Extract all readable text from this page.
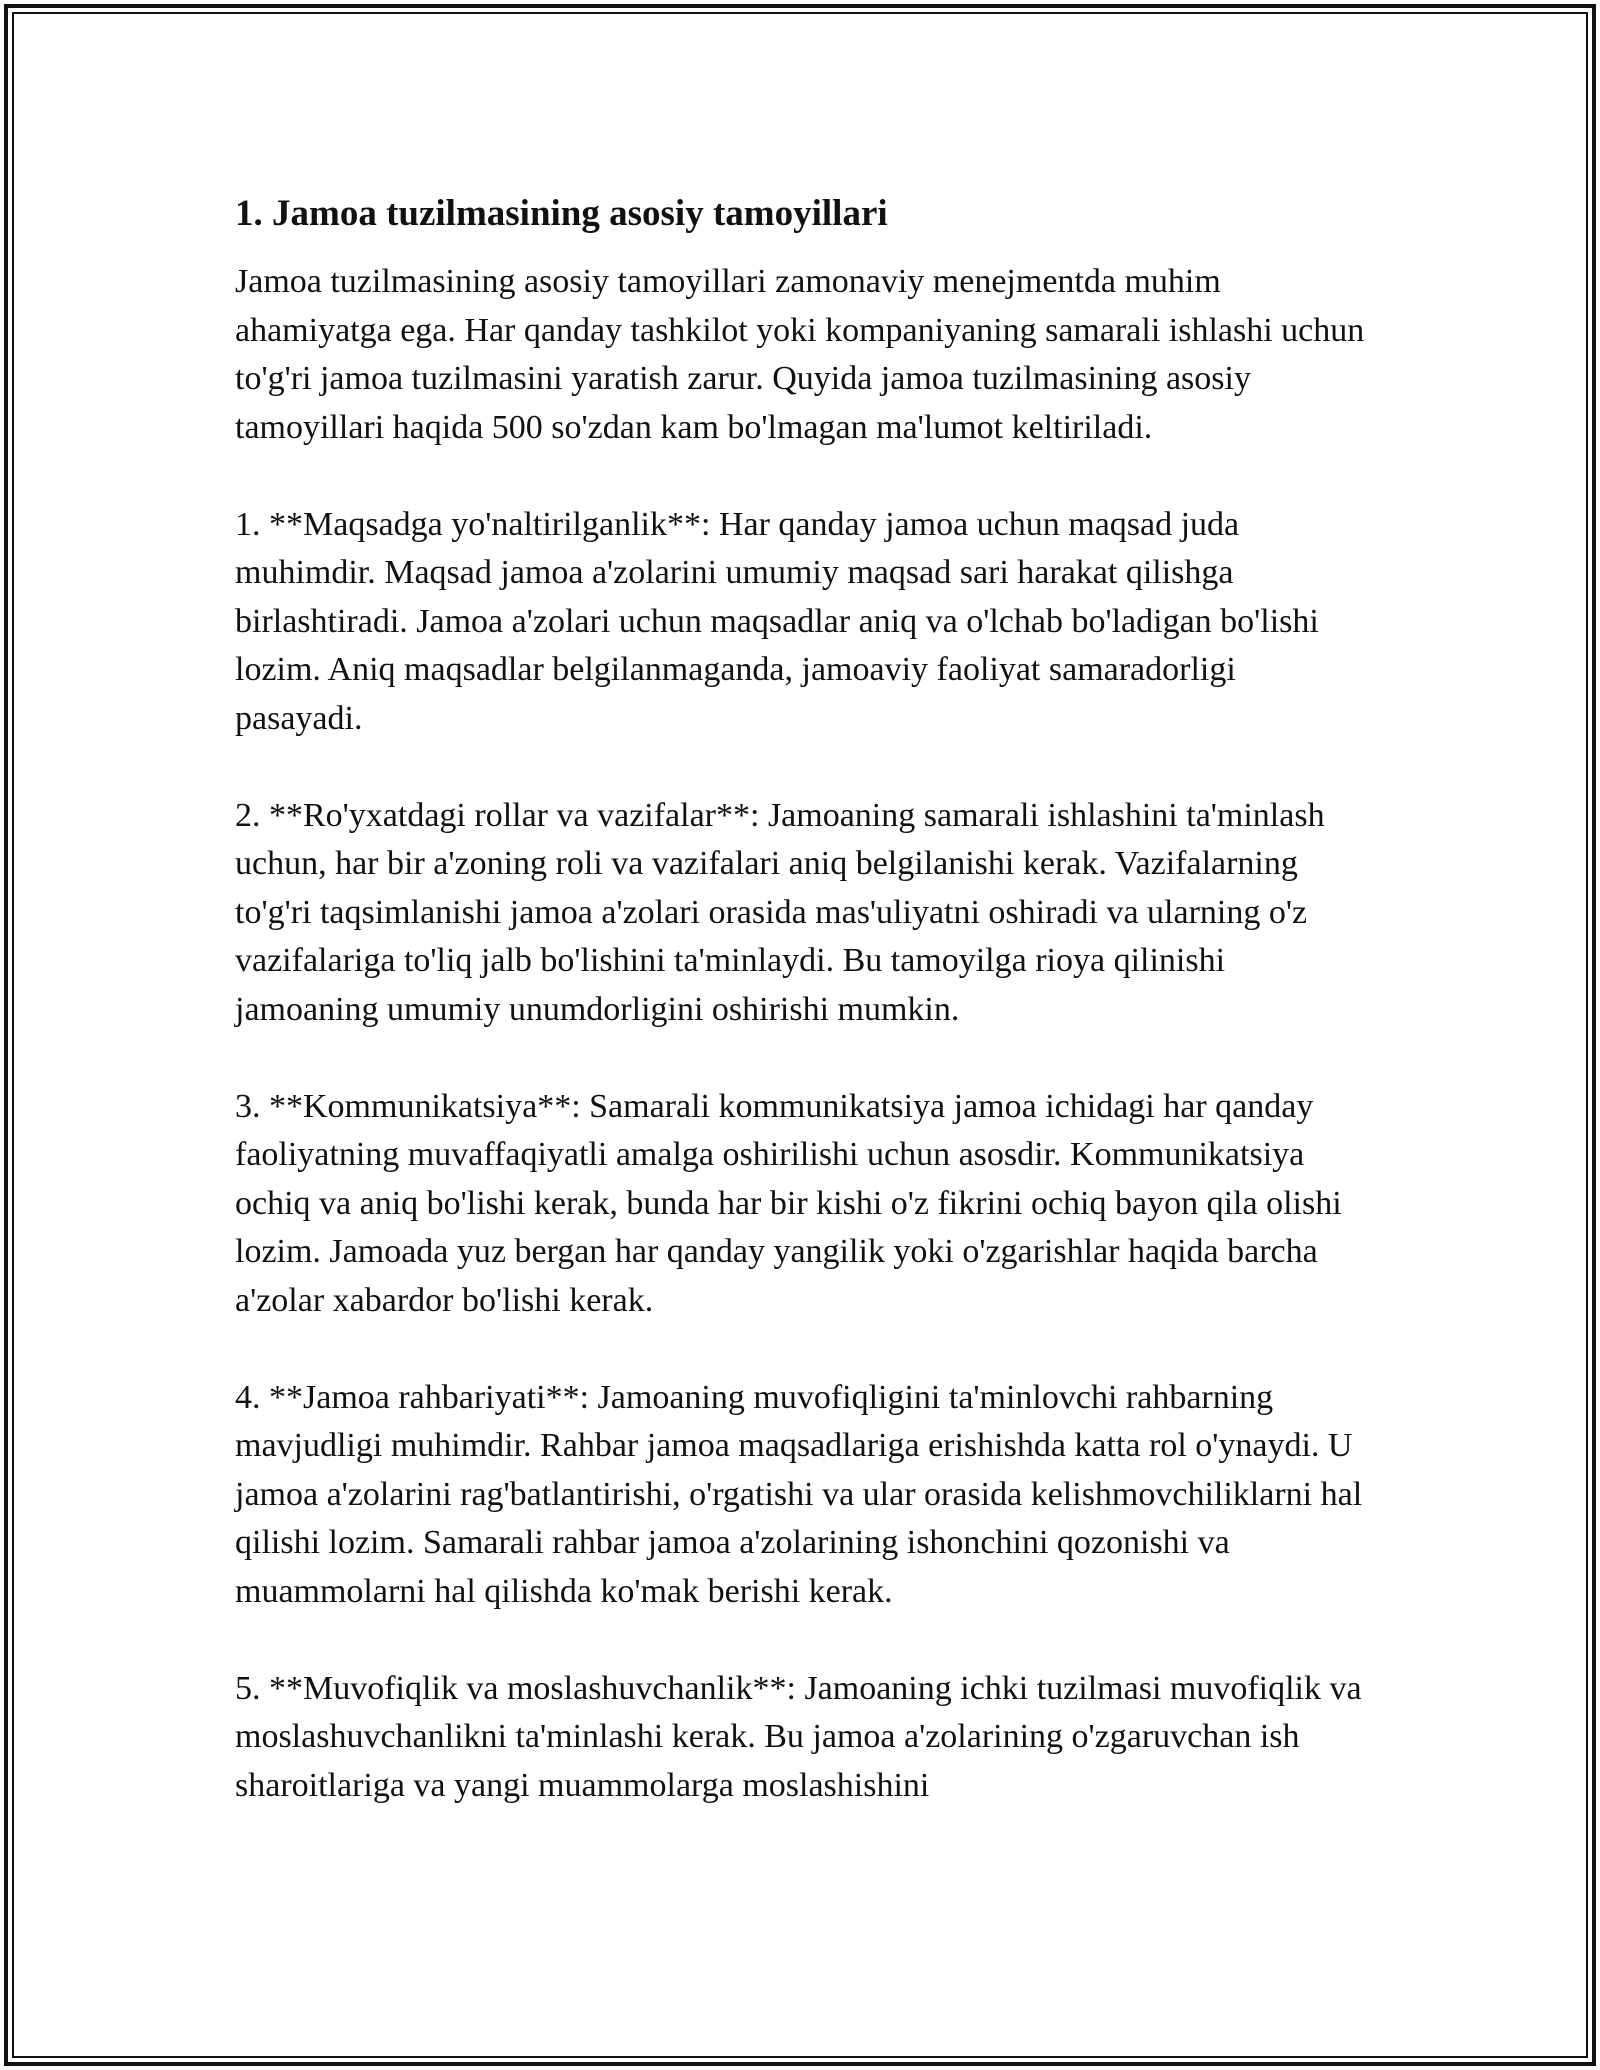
1. Jamoa tuzilmasining asosiy tamoyillari

Jamoa tuzilmasining asosiy tamoyillari zamonaviy menejmentda muhim ahamiyatga ega. Har qanday tashkilot yoki kompaniyaning samarali ishlashi uchun to'g'ri jamoa tuzilmasini yaratish zarur. Quyida jamoa tuzilmasining asosiy tamoyillari haqida 500 so'zdan kam bo'lmagan ma'lumot keltiriladi.

1. **Maqsadga yo'naltirilganlik**: Har qanday jamoa uchun maqsad juda muhimdir. Maqsad jamoa a'zolarini umumiy maqsad sari harakat qilishga birlashtiradi. Jamoa a'zolari uchun maqsadlar aniq va o'lchab bo'ladigan bo'lishi lozim. Aniq maqsadlar belgilanmaganda, jamoaviy faoliyat samaradorligi pasayadi.

2. **Ro'yxatdagi rollar va vazifalar**: Jamoaning samarali ishlashini ta'minlash uchun, har bir a'zoning roli va vazifalari aniq belgilanishi kerak. Vazifalarning to'g'ri taqsimlanishi jamoa a'zolari orasida mas'uliyatni oshiradi va ularning o'z vazifalariga to'liq jalb bo'lishini ta'minlaydi. Bu tamoyilga rioya qilinishi jamoaning umumiy unumdorligini oshirishi mumkin.

3. **Kommunikatsiya**: Samarali kommunikatsiya jamoa ichidagi har qanday faoliyatning muvaffaqiyatli amalga oshirilishi uchun asosdir. Kommunikatsiya ochiq va aniq bo'lishi kerak, bunda har bir kishi o'z fikrini ochiq bayon qila olishi lozim. Jamoada yuz bergan har qanday yangilik yoki o'zgarishlar haqida barcha a'zolar xabardor bo'lishi kerak.

4. **Jamoa rahbariyati**: Jamoaning muvofiqligini ta'minlovchi rahbarning mavjudligi muhimdir. Rahbar jamoa maqsadlariga erishishda katta rol o'ynaydi. U jamoa a'zolarini rag'batlantirishi, o'rgatishi va ular orasida kelishmovchiliklarni hal qilishi lozim. Samarali rahbar jamoa a'zolarining ishonchini qozonishi va muammolarni hal qilishda ko'mak berishi kerak.

5. **Muvofiqlik va moslashuvchanlik**: Jamoaning ichki tuzilmasi muvofiqlik va moslashuvchanlikni ta'minlashi kerak. Bu jamoa a'zolarining o'zgaruvchan ish sharoitlariga va yangi muammolarga moslashishini
